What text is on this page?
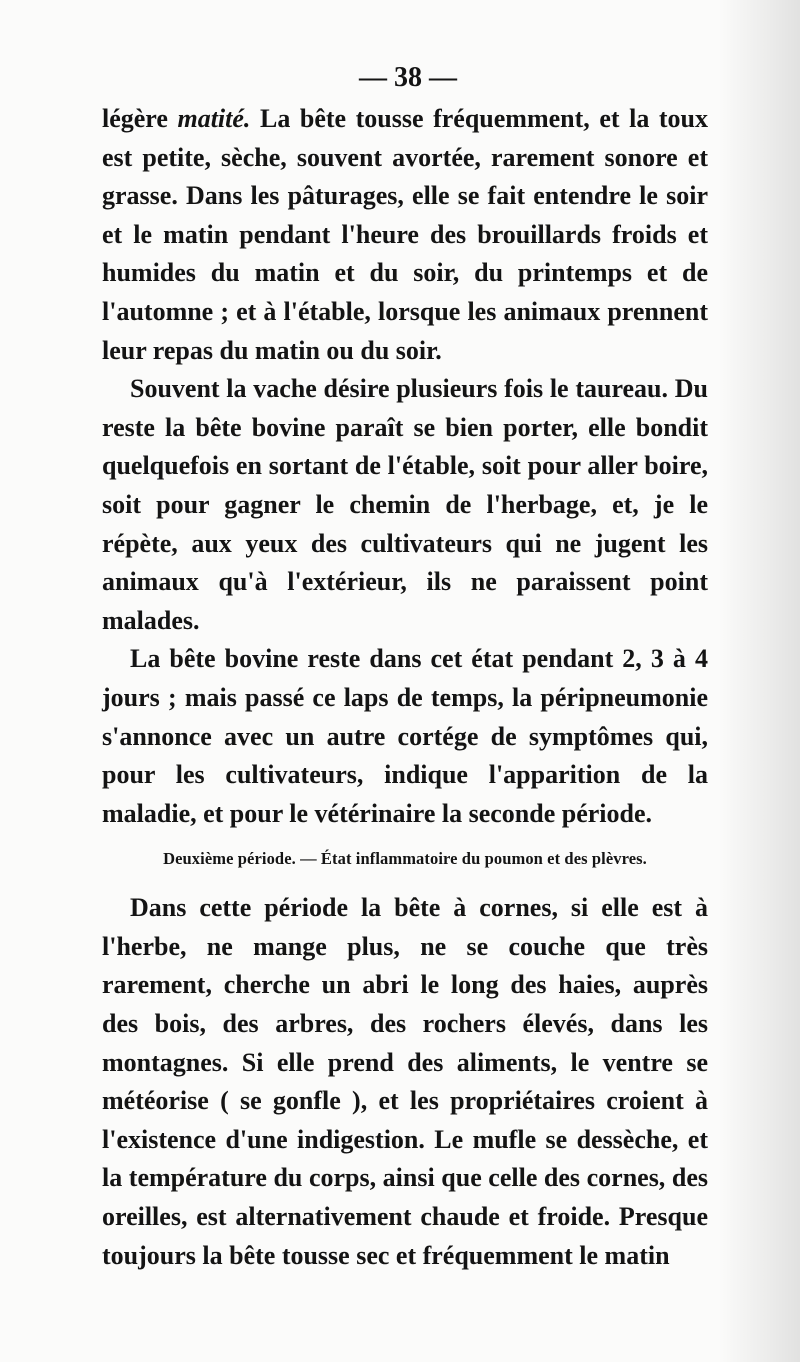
— 38 —

légère matité. La bête tousse fréquemment, et la toux est petite, sèche, souvent avortée, rarement sonore et grasse. Dans les pâturages, elle se fait entendre le soir et le matin pendant l'heure des brouillards froids et humides du matin et du soir, du printemps et de l'automne ; et à l'étable, lorsque les animaux prennent leur repas du matin ou du soir.

Souvent la vache désire plusieurs fois le taureau. Du reste la bête bovine paraît se bien porter, elle bondit quelquefois en sortant de l'étable, soit pour aller boire, soit pour gagner le chemin de l'herbage, et, je le répète, aux yeux des cultivateurs qui ne jugent les animaux qu'à l'extérieur, ils ne paraissent point malades.

La bête bovine reste dans cet état pendant 2, 3 à 4 jours ; mais passé ce laps de temps, la péripneumonie s'annonce avec un autre cortége de symptômes qui, pour les cultivateurs, indique l'apparition de la maladie, et pour le vétérinaire la seconde période.

Deuxième période. — État inflammatoire du poumon et des plèvres.

Dans cette période la bête à cornes, si elle est à l'herbe, ne mange plus, ne se couche que très rarement, cherche un abri le long des haies, auprès des bois, des arbres, des rochers élevés, dans les montagnes. Si elle prend des aliments, le ventre se météorise ( se gonfle ), et les propriétaires croient à l'existence d'une indigestion. Le mufle se dessèche, et la température du corps, ainsi que celle des cornes, des oreilles, est alternativement chaude et froide. Presque toujours la bête tousse sec et fréquemment le matin
